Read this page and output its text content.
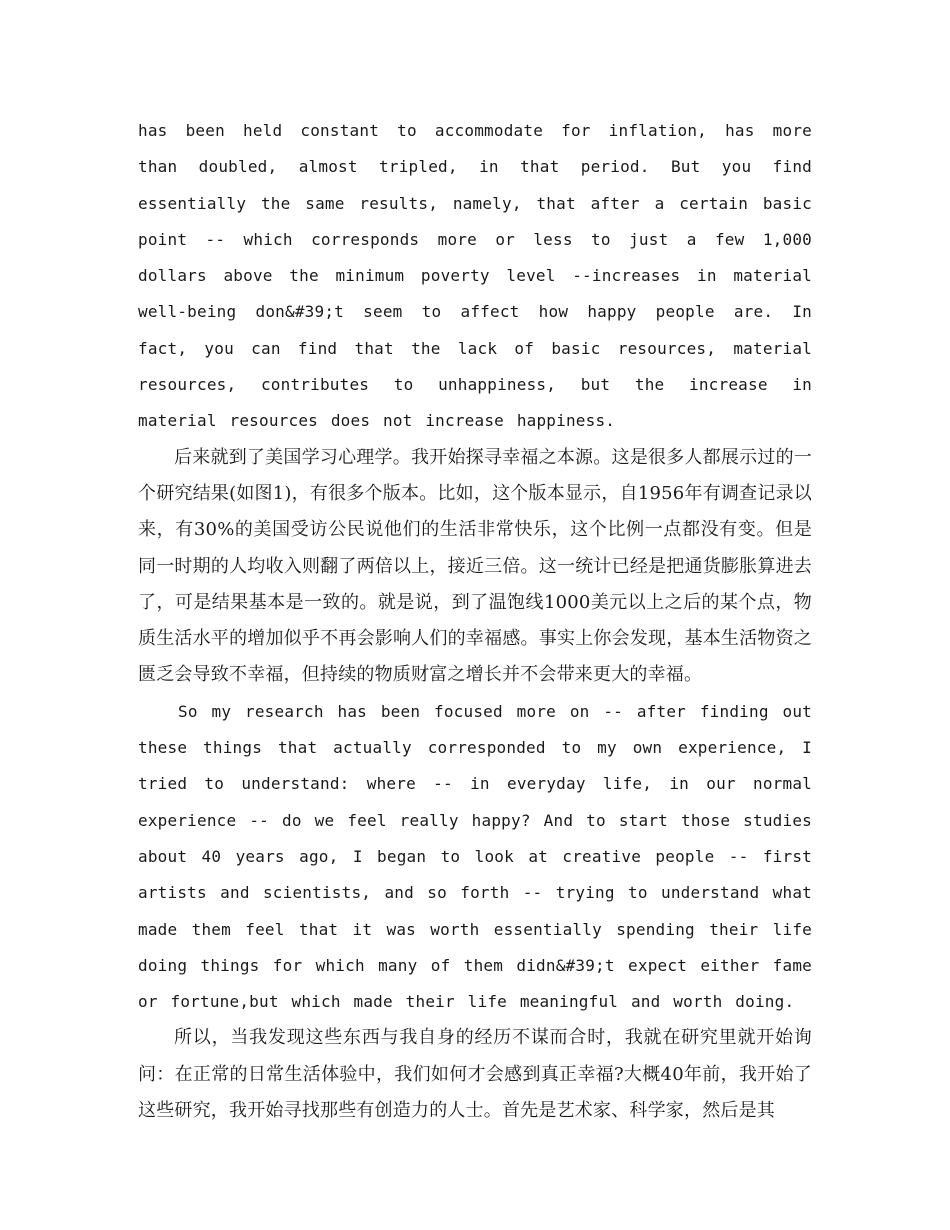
has been held constant to accommodate for inflation, has more than doubled, almost tripled, in that period. But you find essentially the same results, namely, that after a certain basic point -- which corresponds more or less to just a few 1,000 dollars above the minimum poverty level --increases in material well-being don&#39;t seem to affect how happy people are. In fact, you can find that the lack of basic resources, material resources, contributes to unhappiness, but the increase in material resources does not increase happiness.

后来就到了美国学习心理学。我开始探寻幸福之本源。这是很多人都展示过的一个研究结果(如图1)，有很多个版本。比如，这个版本显示，自1956年有调查记录以来，有30%的美国受访公民说他们的生活非常快乐，这个比例一点都没有变。但是同一时期的人均收入则翻了两倍以上，接近三倍。这一统计已经是把通货膨胀算进去了，可是结果基本是一致的。就是说，到了温饱线1000美元以上之后的某个点，物质生活水平的增加似乎不再会影响人们的幸福感。事实上你会发现，基本生活物资之匮乏会导致不幸福，但持续的物质财富之增长并不会带来更大的幸福。

So my research has been focused more on -- after finding out these things that actually corresponded to my own experience, I tried to understand: where -- in everyday life, in our normal experience -- do we feel really happy? And to start those studies about 40 years ago, I began to look at creative people -- first artists and scientists, and so forth -- trying to understand what made them feel that it was worth essentially spending their life doing things for which many of them didn&#39;t expect either fame or fortune,but which made their life meaningful and worth doing.

所以，当我发现这些东西与我自身的经历不谋而合时，我就在研究里就开始询问：在正常的日常生活体验中，我们如何才会感到真正幸福?大概40年前，我开始了这些研究，我开始寻找那些有创造力的人士。首先是艺术家、科学家，然后是其
